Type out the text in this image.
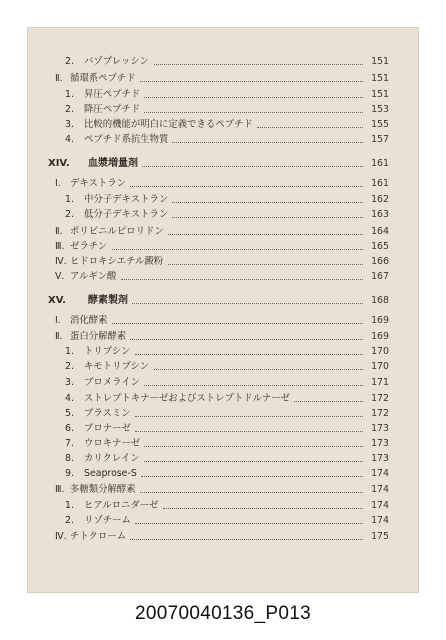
2. バゾプレッシン	151
Ⅱ. 循環系ペプチド	151
1. 昇圧ペプチド	151
2. 降圧ペプチド	153
3. 比較的機能が明白に定義できるペプチド	155
4. ペプチド系抗生物質	157
XIV. 血漿増量剤	161
Ⅰ. デキストラン	161
1. 中分子デキストラン	162
2. 低分子デキストラン	163
Ⅱ. ポリビニルピロリドン	164
Ⅲ. ゼラチン	165
Ⅳ. ヒドロキシエチル澱粉	166
Ⅴ. アルギン酸	167
XV. 酵素製剤	168
Ⅰ. 消化酵素	169
Ⅱ. 蛋白分解酵素	169
1. トリプシン	170
2. キモトリプシン	170
3. ブロメライン	171
4. ストレプトキナーゼおよびストレプトドルナーゼ	172
5. プラスミン	172
6. プロナーゼ	173
7. ウロキナーゼ	173
8. カリクレイン	173
9. Seaprose-S	174
Ⅲ. 多糖類分解酵素	174
1. ヒアルロニダーゼ	174
2. リゾチーム	174
Ⅳ. チトクローム	175
20070040136_P013
